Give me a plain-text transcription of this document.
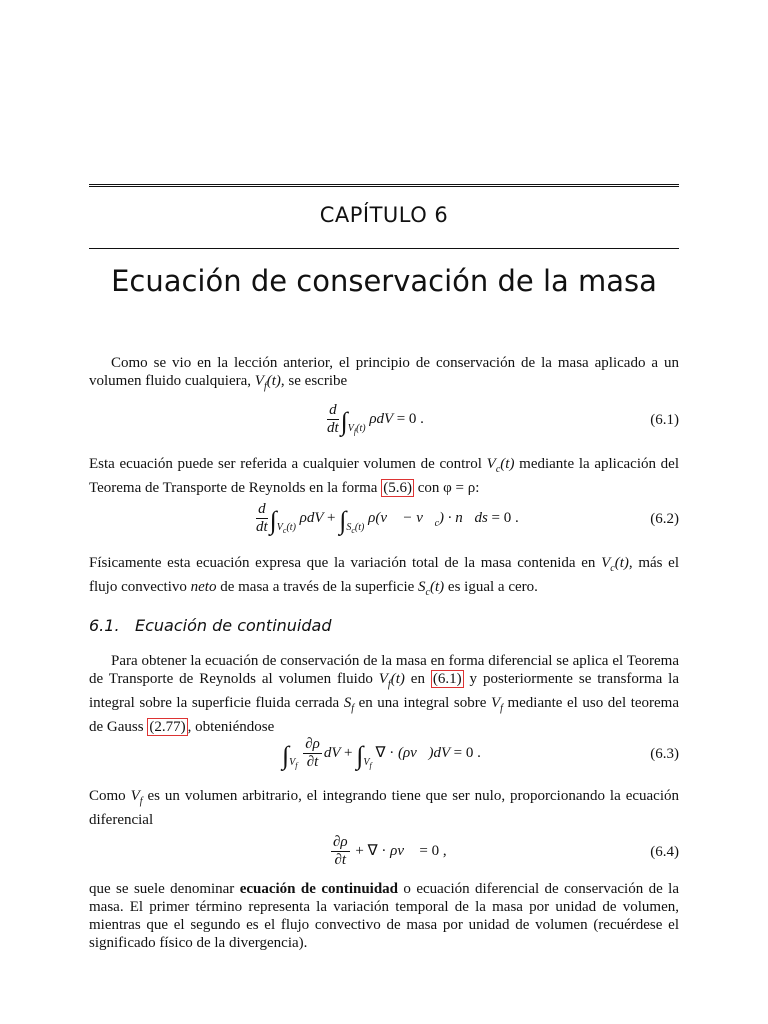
CAPÍTULO 6
Ecuación de conservación de la masa
Como se vio en la lección anterior, el principio de conservación de la masa aplicado a un volumen fluido cualquiera, $V_f(t)$, se escribe
$\frac{d}{dt} \int_{V_f(t)}$ ρdV = 0 .	(6.1)
Esta ecuación puede ser referida a cualquier volumen de control $V_c(t)$ mediante la aplicación del Teorema de Transporte de Reynolds en la forma (5.6) con φ = ρ:
$\frac{d}{dt} \int_{V_c(t)}$ $\rho dV + \int_{S_c(t)}$ ρ(v⃗ − $v⃗_c$) · n⃗ds = 0 .	(6.2)
Físicamente esta ecuación expresa que la variación total de la masa contenida en $V_c(t)$, más el flujo convectivo neto de masa a través de la superficie $S_c(t)$ es igual a cero.
6.1. Ecuación de continuidad
Para obtener la ecuación de conservación de la masa en forma diferencial se aplica el Teorema de Transporte de Reynolds al volumen fluido $V_f(t)$ en (6.1) y posteriormente se transforma la integral sobre la superficie fluida cerrada $S_f$ en una integral sobre $V_f$ mediante el uso del teorema de Gauss (2.77) , obteniéndose
$\int_{V_f} \frac{\partial\rho}{\partial t}$ dV + $\int_{V_f}$ ∇ · (ρv⃗)dV = 0 .	(6.3)
Como $V_f$ es un volumen arbitrario, el integrando tiene que ser nulo, proporcionando la ecuación diferencial
$\frac{\partial\rho}{\partial t}$ + ∇ · ρv⃗ = 0 ,	(6.4)
que se suele denominar ecuación de continuidad o ecuación diferencial de conservación de la masa. El primer término representa la variación temporal de la masa por unidad de volumen, mientras que el segundo es el flujo convectivo de masa por unidad de volumen (recuérdese el significado físico de la divergencia).
